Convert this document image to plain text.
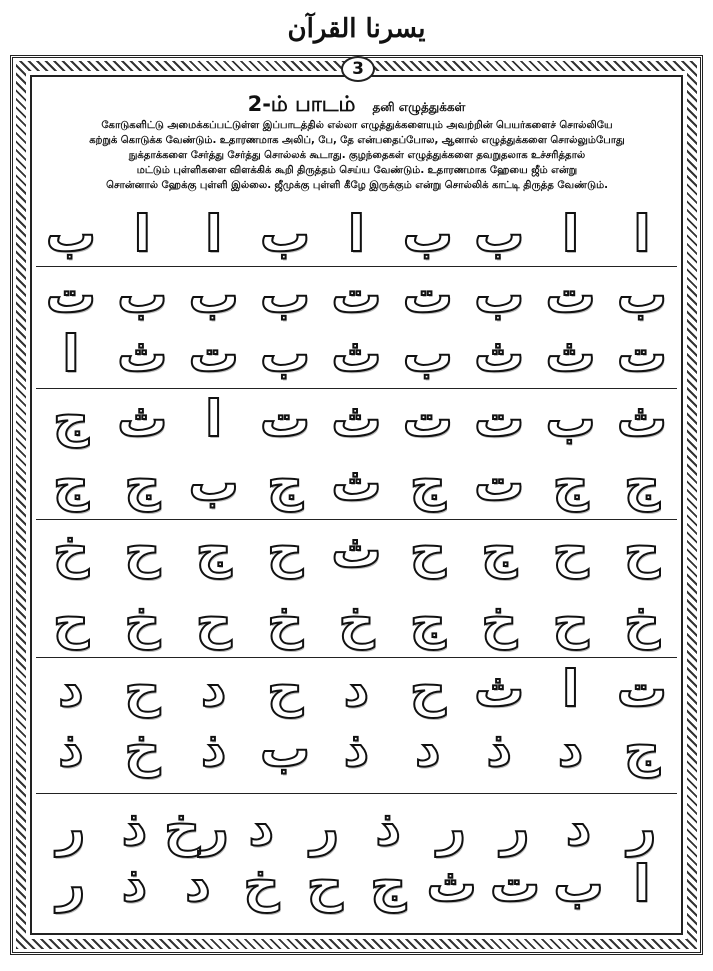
يسرنا القرآن
3
2-ம் பாடம் தனி எழுத்துக்கள்
கோடுகளிட்டு அமைக்கப்பட்டுள்ள இப்பாடத்தில் எல்லா எழுத்துக்களையும் அவற்றின் பெயர்களைச் சொல்லியே
கற்றுக் கொடுக்க வேண்டும். உதாரணமாக அலிப், பே, தே என்பதைப்போல, ஆனால் எழுத்துக்களை சொல்லும்போது
நுக்தாக்களை சேர்த்து சேர்த்து சொல்லக் கூடாது. குழந்தைகள் எழுத்துக்களை தவறுதலாக உச்சரித்தால்
மட்டும் புள்ளிகளை விளக்கிக் கூறி திருத்தம் செய்ய வேண்டும். உதாரணமாக ஹேயை ஜீம் என்று
சொன்னால் ஹேக்கு புள்ளி இல்லை. ஜீமுக்கு புள்ளி கீழே இருக்கும் என்று சொல்லிக் காட்டி திருத்த வேண்டும்.
ا
ا
ب
ب
ا
ب
ا
ا
ب
ب
ت
ب
ت
ت
ب
ب
ب
ت
ت
ث
ث
ب
ث
ب
ت
ث
ا
ث
ب
ت
ت
ث
ت
ا
ث
ج
ج
ج
ت
ج
ث
ج
ب
ج
ج
ح
ح
ج
ح
ث
ح
ج
ح
خ
خ
ح
خ
ج
خ
خ
ح
خ
ح
ت
ا
ث
ح
د
ح
د
ح
د
ج
د
ذ
د
ذ
ب
ذ
خ
ذ
ر
د
ر
ر
ذ
ر
د
رخ
ذ
ر
ا
ب
ت
ث
ج
ح
خ
د
ذ
ر
